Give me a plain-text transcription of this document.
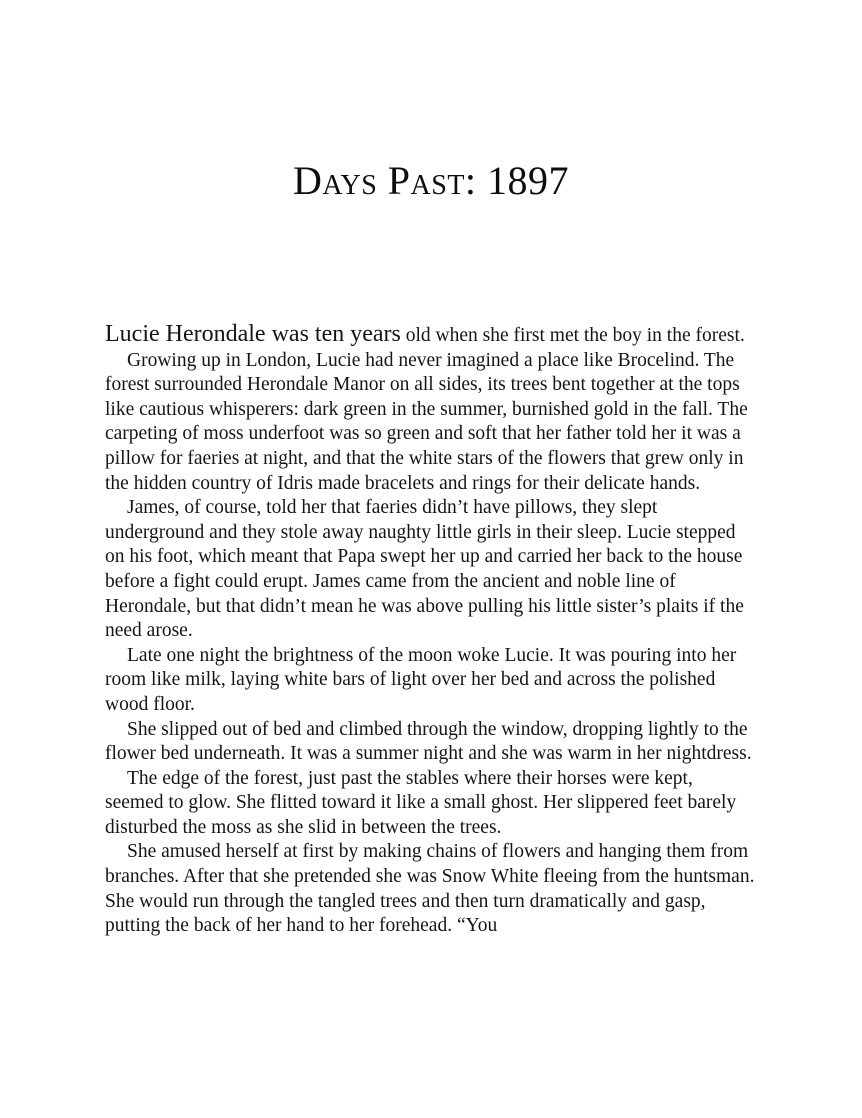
Days Past: 1897

Lucie Herondale was ten years old when she first met the boy in the forest.

Growing up in London, Lucie had never imagined a place like Brocelind. The forest surrounded Herondale Manor on all sides, its trees bent together at the tops like cautious whisperers: dark green in the summer, burnished gold in the fall. The carpeting of moss underfoot was so green and soft that her father told her it was a pillow for faeries at night, and that the white stars of the flowers that grew only in the hidden country of Idris made bracelets and rings for their delicate hands.

James, of course, told her that faeries didn’t have pillows, they slept underground and they stole away naughty little girls in their sleep. Lucie stepped on his foot, which meant that Papa swept her up and carried her back to the house before a fight could erupt. James came from the ancient and noble line of Herondale, but that didn’t mean he was above pulling his little sister’s plaits if the need arose.

Late one night the brightness of the moon woke Lucie. It was pouring into her room like milk, laying white bars of light over her bed and across the polished wood floor.

She slipped out of bed and climbed through the window, dropping lightly to the flower bed underneath. It was a summer night and she was warm in her nightdress.

The edge of the forest, just past the stables where their horses were kept, seemed to glow. She flitted toward it like a small ghost. Her slippered feet barely disturbed the moss as she slid in between the trees.

She amused herself at first by making chains of flowers and hanging them from branches. After that she pretended she was Snow White fleeing from the huntsman. She would run through the tangled trees and then turn dramatically and gasp, putting the back of her hand to her forehead. “You
